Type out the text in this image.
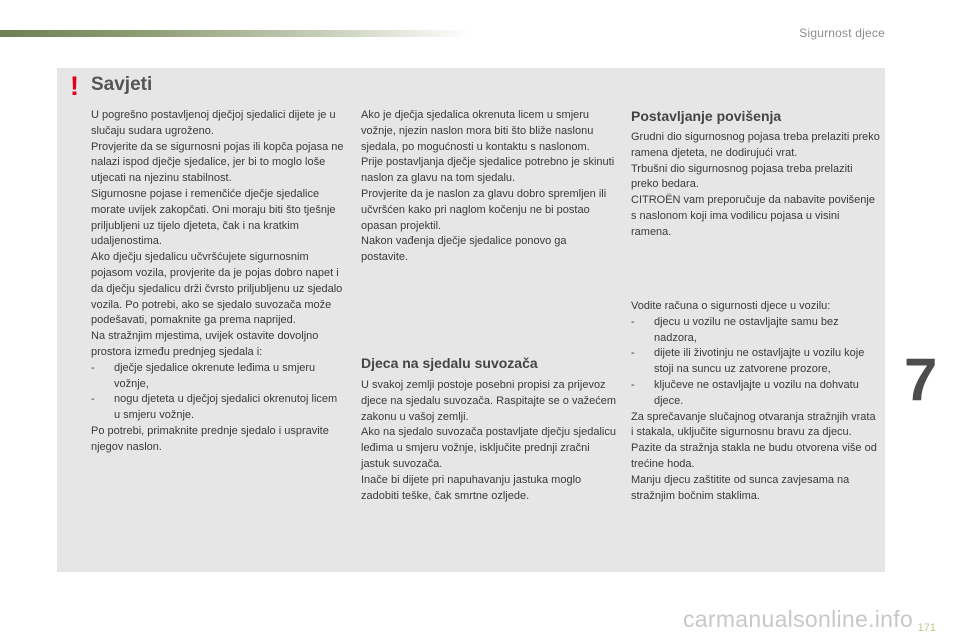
Sigurnost djece
! Savjeti

U pogrešno postavljenoj dječjoj sjedalici dijete je u slučaju sudara ugroženo.

Provjerite da se sigurnosni pojas ili kopča pojasa ne nalazi ispod dječje sjedalice, jer bi to moglo loše utjecati na njezinu stabilnost.

Sigurnosne pojase i remenčiće dječje sjedalice morate uvijek zakopčati. Oni moraju biti što tješnje priljubljeni uz tijelo djeteta, čak i na kratkim udaljenostima.

Ako dječju sjedalicu učvršćujete sigurnosnim pojasom vozila, provjerite da je pojas dobro napet i da dječju sjedalicu drži čvrsto priljubljenu uz sjedalo vozila. Po potrebi, ako se sjedalo suvozača može podešavati, pomaknite ga prema naprijed.

Na stražnjim mjestima, uvijek ostavite dovoljno prostora između prednjeg sjedala i:

- dječje sjedalice okrenute leđima u smjeru vožnje,
- nogu djeteta u dječjoj sjedalici okrenutoj licem u smjeru vožnje.

Po potrebi, primaknite prednje sjedalo i uspravite njegov naslon.

Ako je dječja sjedalica okrenuta licem u smjeru vožnje, njezin naslon mora biti što bliže naslonu sjedala, po mogućnosti u kontaktu s naslonom.

Prije postavljanja dječje sjedalice potrebno je skinuti naslon za glavu na tom sjedalu.

Provjerite da je naslon za glavu dobro spremljen ili učvršćen kako pri naglom kočenju ne bi postao opasan projektil.

Nakon vađenja dječje sjedalice ponovo ga postavite.

Postavljanje povišenja

Grudni dio sigurnosnog pojasa treba prelaziti preko ramena djeteta, ne dodirujući vrat.

Trbušni dio sigurnosnog pojasa treba prelaziti preko bedara.

CITROËN vam preporučuje da nabavite povišenje s naslonom koji ima vodilicu pojasa u visini ramena.

Vodite računa o sigurnosti djece u vozilu:

- djecu u vozilu ne ostavljajte samu bez nadzora,
- dijete ili životinju ne ostavljajte u vozilu koje stoji na suncu uz zatvorene prozore,
- ključeve ne ostavljajte u vozilu na dohvatu djece.

Za sprečavanje slučajnog otvaranja stražnjih vrata i stakala, uključite sigurnosnu bravu za djecu.

Pazite da stražnja stakla ne budu otvorena više od trećine hoda.

Manju djecu zaštitite od sunca zavjesama na stražnjim bočnim staklima.

Djeca na sjedalu suvozača

U svakoj zemlji postoje posebni propisi za prijevoz djece na sjedalu suvozača. Raspitajte se o važećem zakonu u vašoj zemlji.

Ako na sjedalo suvozača postavljate dječju sjedalicu leđima u smjeru vožnje, isključite prednji zračni jastuk suvozača.

Inače bi dijete pri napuhavanju jastuka moglo zadobiti teške, čak smrtne ozljede.

7
carmanualsonline.info 171
